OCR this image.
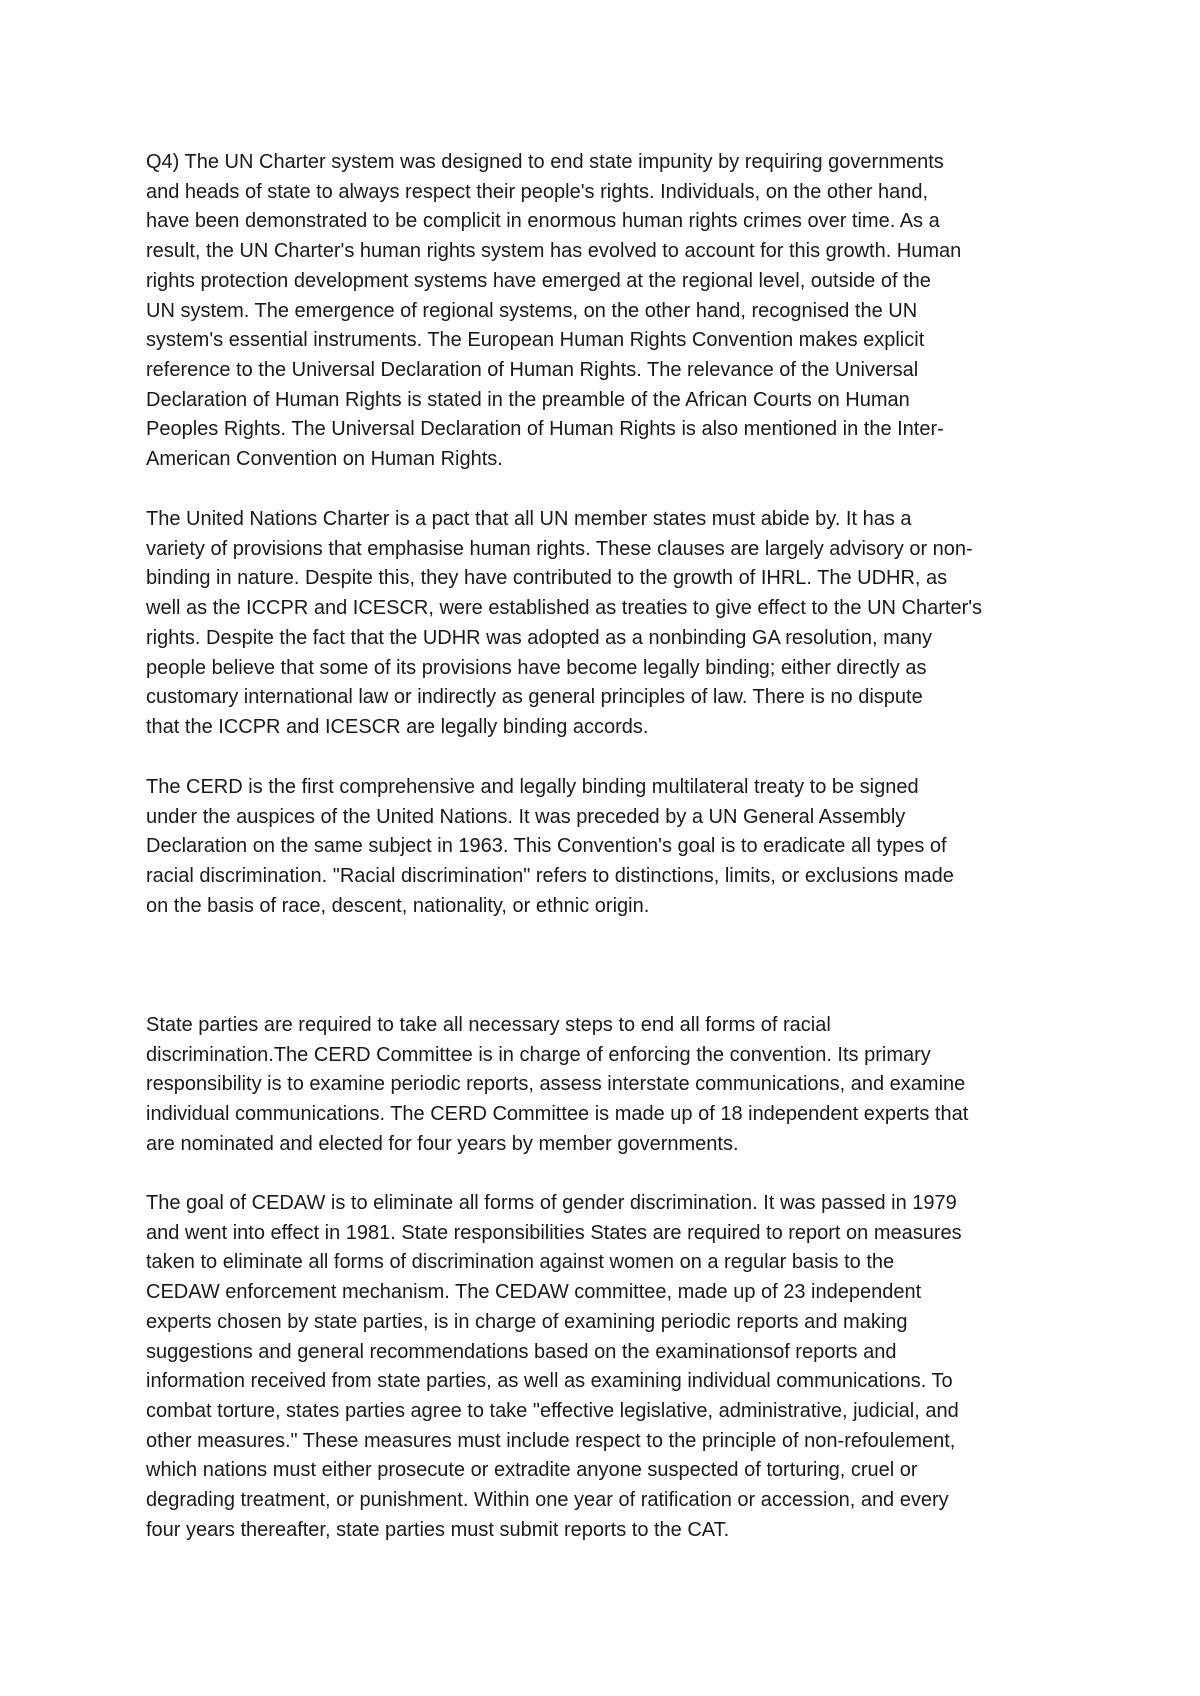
Q4) The UN Charter system was designed to end state impunity by requiring governments
and heads of state to always respect their people's rights. Individuals, on the other hand,
have been demonstrated to be complicit in enormous human rights crimes over time. As a
result, the UN Charter's human rights system has evolved to account for this growth. Human
rights protection development systems have emerged at the regional level, outside of the
UN system. The emergence of regional systems, on the other hand, recognised the UN
system's essential instruments. The European Human Rights Convention makes explicit
reference to the Universal Declaration of Human Rights. The relevance of the Universal
Declaration of Human Rights is stated in the preamble of the African Courts on Human
Peoples Rights. The Universal Declaration of Human Rights is also mentioned in the Inter-
American Convention on Human Rights.

The United Nations Charter is a pact that all UN member states must abide by. It has a
variety of provisions that emphasise human rights. These clauses are largely advisory or non-
binding in nature. Despite this, they have contributed to the growth of IHRL. The UDHR, as
well as the ICCPR and ICESCR, were established as treaties to give effect to the UN Charter's
rights. Despite the fact that the UDHR was adopted as a nonbinding GA resolution, many
people believe that some of its provisions have become legally binding; either directly as
customary international law or indirectly as general principles of law. There is no dispute
that the ICCPR and ICESCR are legally binding accords.

The CERD is the first comprehensive and legally binding multilateral treaty to be signed
under the auspices of the United Nations. It was preceded by a UN General Assembly
Declaration on the same subject in 1963. This Convention's goal is to eradicate all types of
racial discrimination. "Racial discrimination" refers to distinctions, limits, or exclusions made
on the basis of race, descent, nationality, or ethnic origin.

State parties are required to take all necessary steps to end all forms of racial
discrimination.The CERD Committee is in charge of enforcing the convention. Its primary
responsibility is to examine periodic reports, assess interstate communications, and examine
individual communications. The CERD Committee is made up of 18 independent experts that
are nominated and elected for four years by member governments.

The goal of CEDAW is to eliminate all forms of gender discrimination. It was passed in 1979
and went into effect in 1981. State responsibilities States are required to report on measures
taken to eliminate all forms of discrimination against women on a regular basis to the
CEDAW enforcement mechanism. The CEDAW committee, made up of 23 independent
experts chosen by state parties, is in charge of examining periodic reports and making
suggestions and general recommendations based on the examinationsof reports and
information received from state parties, as well as examining individual communications. To
combat torture, states parties agree to take "effective legislative, administrative, judicial, and
other measures." These measures must include respect to the principle of non-refoulement,
which nations must either prosecute or extradite anyone suspected of torturing, cruel or
degrading treatment, or punishment. Within one year of ratification or accession, and every
four years thereafter, state parties must submit reports to the CAT.
